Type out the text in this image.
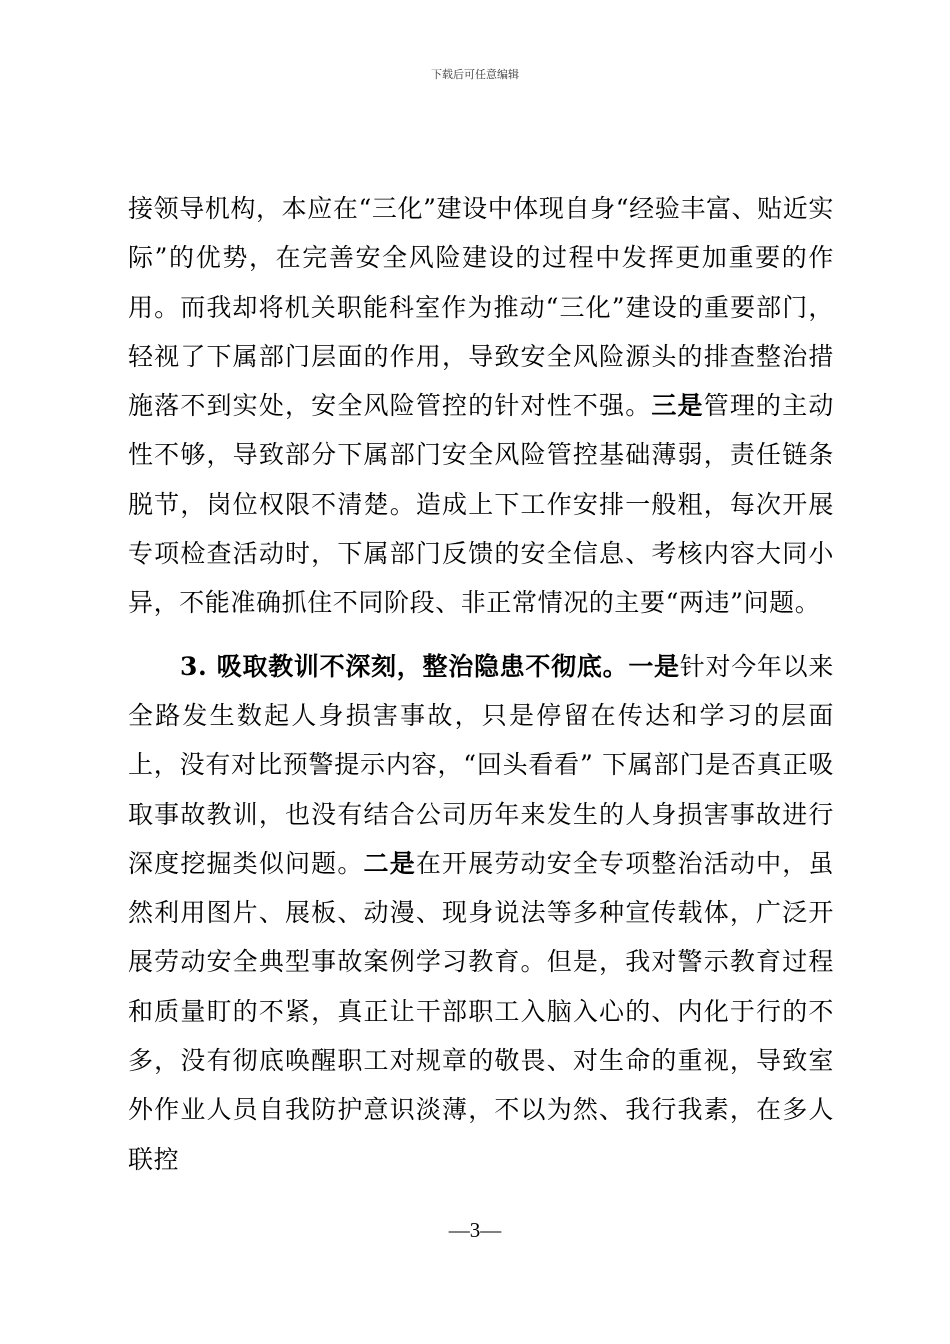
下载后可任意编辑

接领导机构，本应在“三化”建设中体现自身“经验丰富、贴近实际”的优势，在完善安全风险建设的过程中发挥更加重要的作用。而我却将机关职能科室作为推动“三化”建设的重要部门，轻视了下属部门层面的作用，导致安全风险源头的排查整治措施落不到实处，安全风险管控的针对性不强。三是管理的主动性不够，导致部分下属部门安全风险管控基础薄弱，责任链条脱节，岗位权限不清楚。造成上下工作安排一般粗，每次开展专项检查活动时，下属部门反馈的安全信息、考核内容大同小异，不能准确抓住不同阶段、非正常情况的主要“两违”问题。

3. 吸取教训不深刻，整治隐患不彻底。一是针对今年以来全路发生数起人身损害事故，只是停留在传达和学习的层面上，没有对比预警提示内容，“回头看看” 下属部门是否真正吸取事故教训，也没有结合公司历年来发生的人身损害事故进行深度挖掘类似问题。二是在开展劳动安全专项整治活动中，虽然利用图片、展板、动漫、现身说法等多种宣传载体，广泛开展劳动安全典型事故案例学习教育。但是，我对警示教育过程和质量盯的不紧，真正让干部职工入脑入心的、内化于行的不多，没有彻底唤醒职工对规章的敬畏、对生命的重视，导致室外作业人员自我防护意识淡薄，不以为然、我行我素，在多人联控

—3—
